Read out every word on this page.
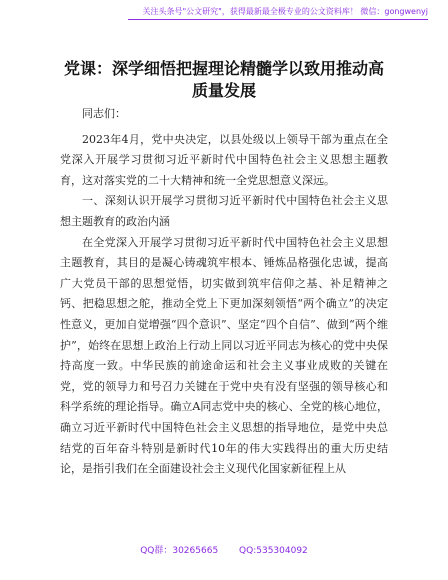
关注头条号"公文研究"，获得最新最全极专业的公文资料库！ 微信：gongwenyj
党课：深学细悟把握理论精髓学以致用推动高
质量发展

同志们：

2023年4月，党中央决定，以县处级以上领导干部为重点在全党深入开展学习贯彻习近平新时代中国特色社会主义思想主题教育，这对落实党的二十大精神和统一全党思想意义深远。

一、深刻认识开展学习贯彻习近平新时代中国特色社会主义思想主题教育的政治内涵

在全党深入开展学习贯彻习近平新时代中国特色社会主义思想主题教育，其目的是凝心铸魂筑牢根本、锤炼品格强化忠诚，提高广大党员干部的思想觉悟，切实做到筑牢信仰之基、补足精神之钙、把稳思想之舵，推动全党上下更加深刻领悟“两个确立”的决定性意义，更加自觉增强“四个意识”、坚定“四个自信”、做到“两个维护”，始终在思想上政治上行动上同以习近平同志为核心的党中央保持高度一致。中华民族的前途命运和社会主义事业成败的关键在党，党的领导力和号召力关键在于党中央有没有坚强的领导核心和科学系统的理论指导。确立A同志党中央的核心、全党的核心地位，确立习近平新时代中国特色社会主义思想的指导地位，是党中央总结党的百年奋斗特别是新时代10年的伟大实践得出的重大历史结论，是指引我们在全面建设社会主义现代化国家新征程上从

QQ群：30265665 QQ:535304092
